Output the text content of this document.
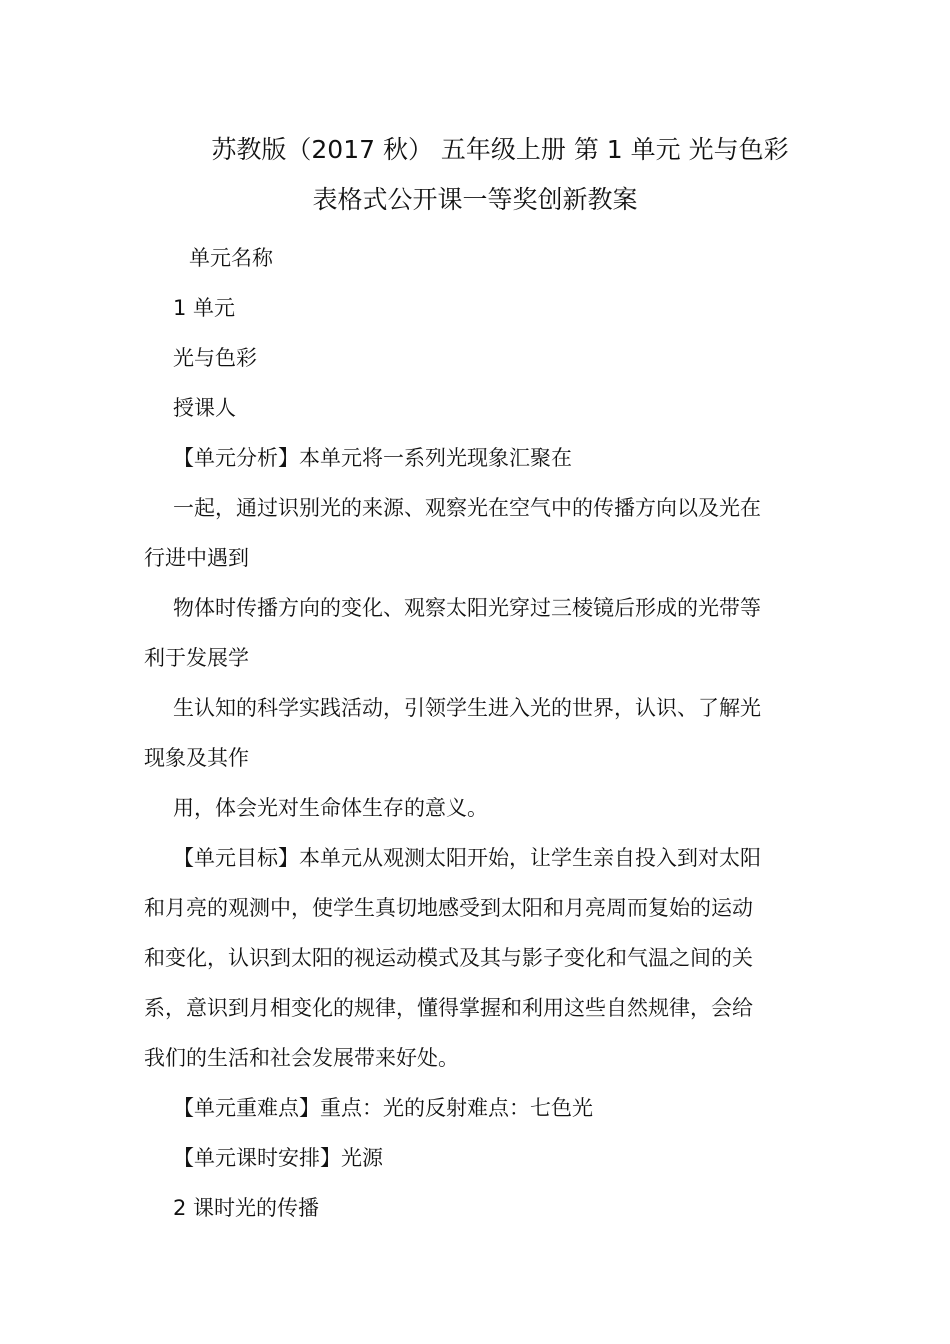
苏教版（2017 秋） 五年级上册 第 1 单元 光与色彩
表格式公开课一等奖创新教案

单元名称

1 单元

光与色彩

授课人

【单元分析】本单元将一系列光现象汇聚在

一起，通过识别光的来源、观察光在空气中的传播方向以及光在

行进中遇到

物体时传播方向的变化、观察太阳光穿过三棱镜后形成的光带等

利于发展学

生认知的科学实践活动，引领学生进入光的世界，认识、了解光

现象及其作

用，体会光对生命体生存的意义。

【单元目标】本单元从观测太阳开始，让学生亲自投入到对太阳

和月亮的观测中，使学生真切地感受到太阳和月亮周而复始的运动

和变化，认识到太阳的视运动模式及其与影子变化和气温之间的关

系，意识到月相变化的规律，懂得掌握和利用这些自然规律，会给

我们的生活和社会发展带来好处。

【单元重难点】重点：光的反射难点：七色光

【单元课时安排】光源

2 课时光的传播
